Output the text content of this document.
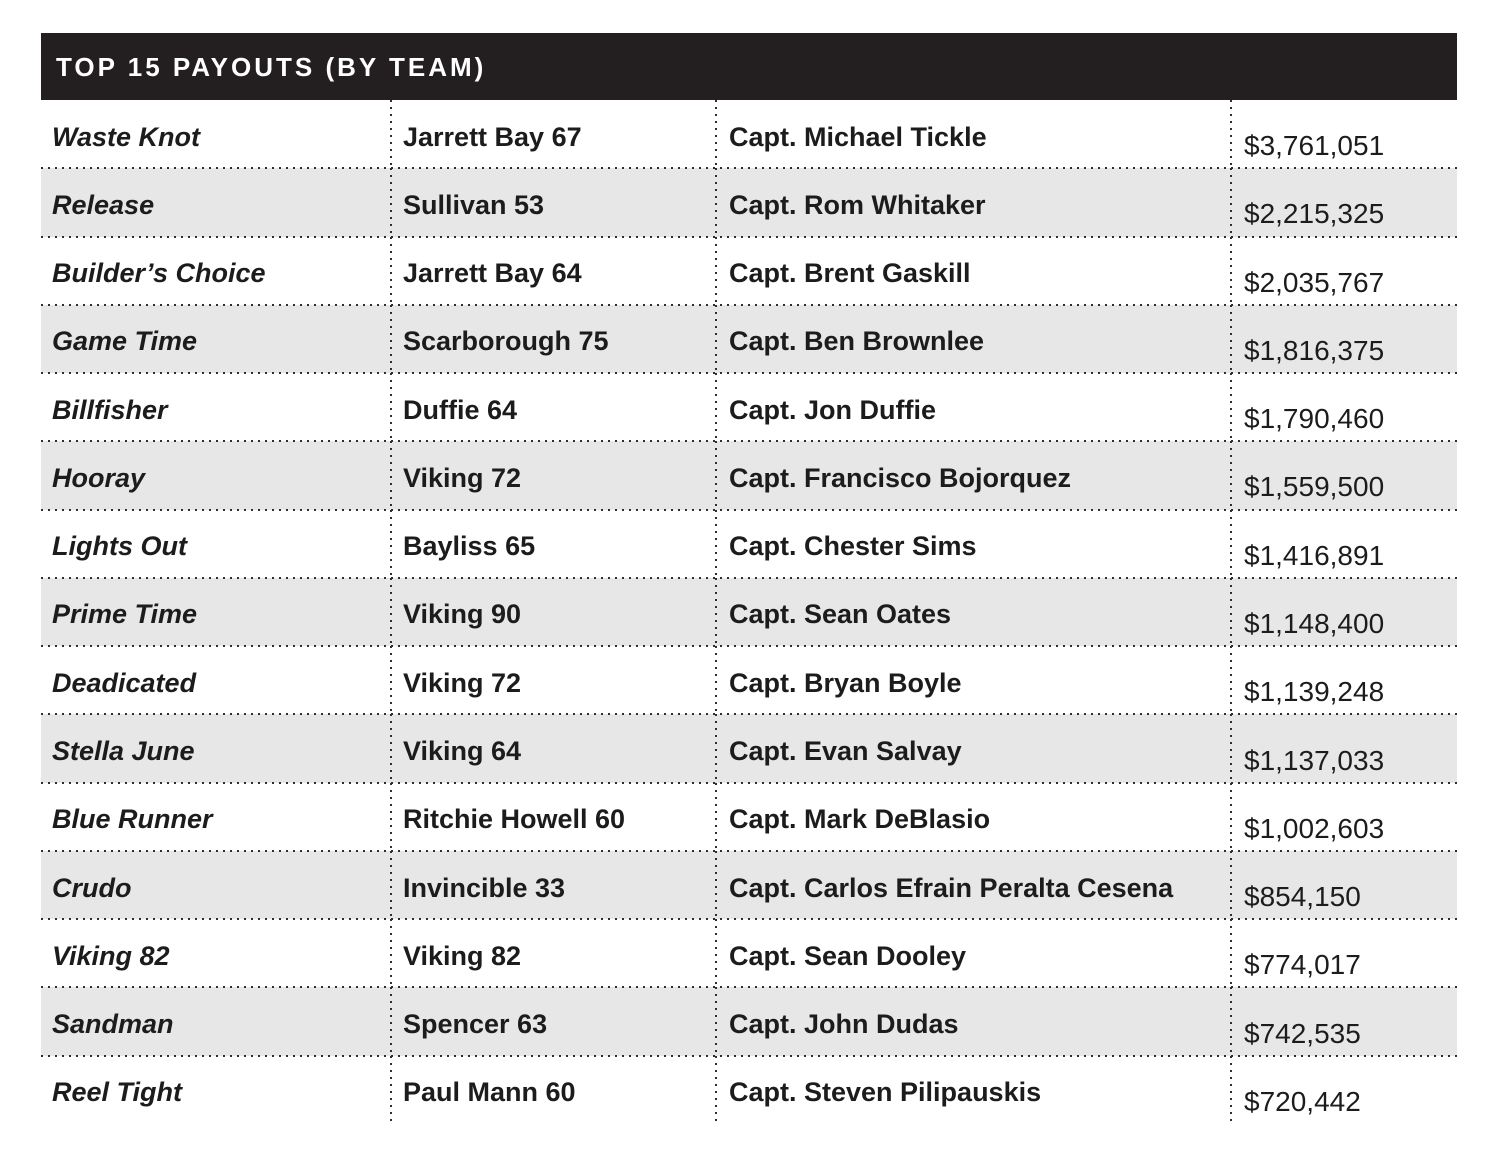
TOP 15 PAYOUTS (BY TEAM)
Waste Knot	Jarrett Bay 67	Capt. Michael Tickle	$3,761,051
Release	Sullivan 53	Capt. Rom Whitaker	$2,215,325
Builder’s Choice	Jarrett Bay 64	Capt. Brent Gaskill	$2,035,767
Game Time	Scarborough 75	Capt. Ben Brownlee	$1,816,375
Billfisher	Duffie 64	Capt. Jon Duffie	$1,790,460
Hooray	Viking 72	Capt. Francisco Bojorquez	$1,559,500
Lights Out	Bayliss 65	Capt. Chester Sims	$1,416,891
Prime Time	Viking 90	Capt. Sean Oates	$1,148,400
Deadicated	Viking 72	Capt. Bryan Boyle	$1,139,248
Stella June	Viking 64	Capt. Evan Salvay	$1,137,033
Blue Runner	Ritchie Howell 60	Capt. Mark DeBlasio	$1,002,603
Crudo	Invincible 33	Capt. Carlos Efrain Peralta Cesena	$854,150
Viking 82	Viking 82	Capt. Sean Dooley	$774,017
Sandman	Spencer 63	Capt. John Dudas	$742,535
Reel Tight	Paul Mann 60	Capt. Steven Pilipauskis	$720,442
